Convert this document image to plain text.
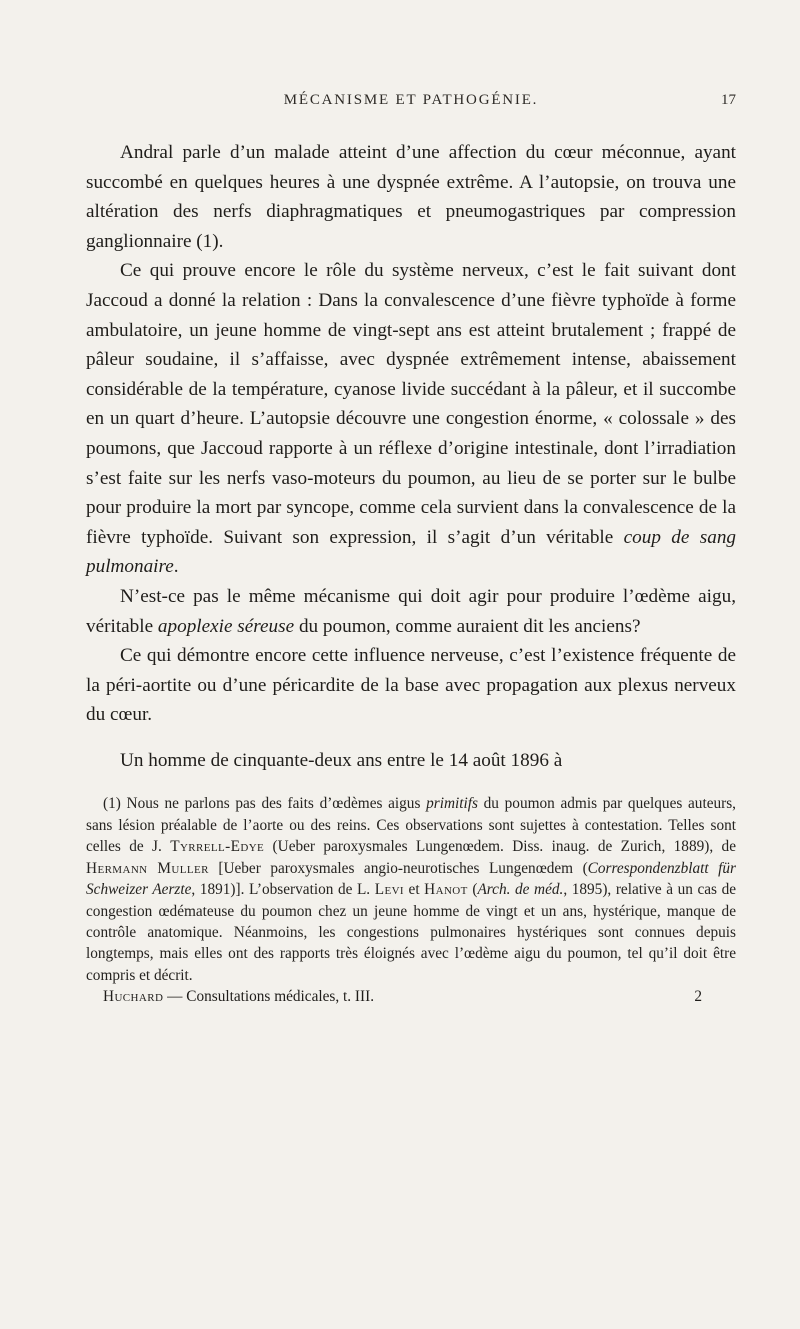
MÉCANISME ET PATHOGÉNIE.	17

Andral parle d’un malade atteint d’une affection du cœur méconnue, ayant succombé en quelques heures à une dyspnée extrême. A l’autopsie, on trouva une altération des nerfs diaphragmatiques et pneumogastriques par compression ganglionnaire (1).

Ce qui prouve encore le rôle du système nerveux, c’est le fait suivant dont Jaccoud a donné la relation : Dans la convalescence d’une fièvre typhoïde à forme ambulatoire, un jeune homme de vingt-sept ans est atteint brutalement ; frappé de pâleur soudaine, il s’affaisse, avec dyspnée extrêmement intense, abaissement considérable de la température, cyanose livide succédant à la pâleur, et il succombe en un quart d’heure. L’autopsie découvre une congestion énorme, « colossale » des poumons, que Jaccoud rapporte à un réflexe d’origine intestinale, dont l’irradiation s’est faite sur les nerfs vaso-moteurs du poumon, au lieu de se porter sur le bulbe pour produire la mort par syncope, comme cela survient dans la convalescence de la fièvre typhoïde. Suivant son expression, il s’agit d’un véritable coup de sang pulmonaire.

N’est-ce pas le même mécanisme qui doit agir pour produire l’œdème aigu, véritable apoplexie séreuse du poumon, comme auraient dit les anciens?

Ce qui démontre encore cette influence nerveuse, c’est l’existence fréquente de la péri-aortite ou d’une péricardite de la base avec propagation aux plexus nerveux du cœur.

Un homme de cinquante-deux ans entre le 14 août 1896 à

(1) Nous ne parlons pas des faits d’œdèmes aigus primitifs du poumon admis par quelques auteurs, sans lésion préalable de l’aorte ou des reins. Ces observations sont sujettes à contestation. Telles sont celles de J. Tyrrell-Edye (Ueber paroxysmales Lungenœdem. Diss. inaug. de Zurich, 1889), de Hermann Muller [Ueber paroxysmales angio-neurotisches Lungenœdem (Correspondenzblatt für Schweizer Aerzte, 1891)]. L’observation de L. Levi et Hanot (Arch. de méd., 1895), relative à un cas de congestion œdémateuse du poumon chez un jeune homme de vingt et un ans, hystérique, manque de contrôle anatomique. Néanmoins, les congestions pulmonaires hystériques sont connues depuis longtemps, mais elles ont des rapports très éloignés avec l’œdème aigu du poumon, tel qu’il doit être compris et décrit.

Huchard — Consultations médicales, t. III.	2
